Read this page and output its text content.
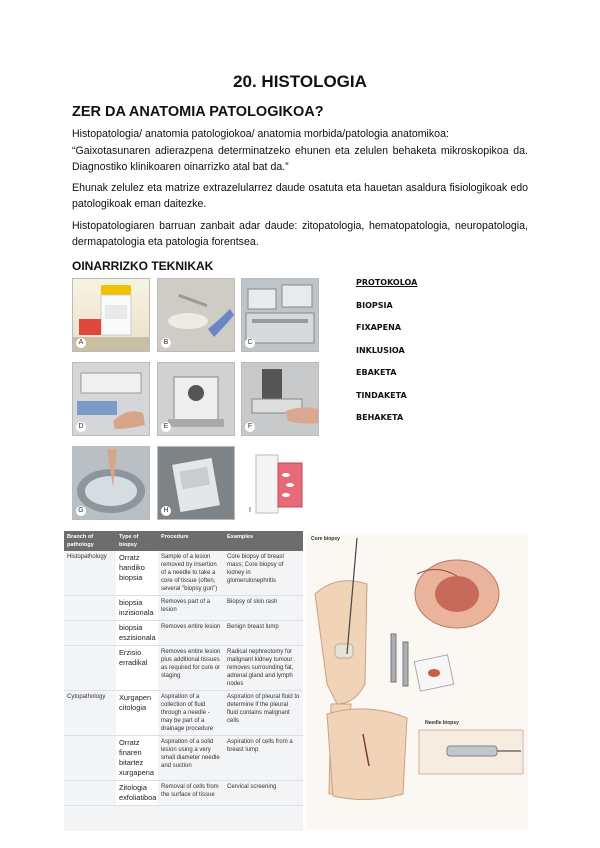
20. HISTOLOGIA
ZER DA ANATOMIA PATOLOGIKOA?
Histopatologia/ anatomia patologiokoa/ anatomia morbida/patologia anatomikoa:
“Gaixotasunaren adierazpena determinatzeko ehunen eta zelulen behaketa mikroskopikoa da. Diagnostiko klinikoaren oinarrizko atal bat da.”
Ehunak zelulez eta matrize extrazelularrez daude osatuta eta hauetan asaldura fisiologikoak edo patologikoak eman daitezke.
Histopatologiaren barruan zanbait adar daude: zitopatologia, hematopatologia, neuropatologia, dermapatologia eta patologia forentsea.
OINARRIZKO TEKNIKAK
A	B	C
D	E	F
G	H	I
PROTOKOLOA
BIOPSIA
FIXAPENA
INKLUSIOA
EBAKETA
TINDAKETA
BEHAKETA
Branch of pathology	Type of biopsy	Procedure	Examples
Histopathology	Orratz handiko biopsia	Sample of a lesion removed by insertion of a needle to take a core of tissue (often, several "biopsy gun")	Core biopsy of breast mass; Core biopsy of kidney in glomerulonephritis
	biopsia inzisionala	Removes part of a lesion	Biopsy of skin rash
	biopsia eszisionala	Removes entire lesion	Benign breast lump
	Erzisio erradikal	Removes entire lesion plus additional tissues as required for cure or staging	Radical nephrectomy for malignant kidney tumour removes surrounding fat, adrenal gland and lymph nodes
Cytopathology	Xurgapen citologia	Aspiration of a collection of fluid through a needle - may be part of a drainage procedure	Aspiration of pleural fluid to determine if the pleural fluid contains malignant cells
	Orratz finaren bitartez xurgapena	Aspiration of a solid lesion using a very small diameter needle and suction	Aspiration of cells from a breast lump
	Zitologia exfoliatiboa	Removal of cells from the surface of tissue	Cervical screening
Core biopsy
Needle biopsy
